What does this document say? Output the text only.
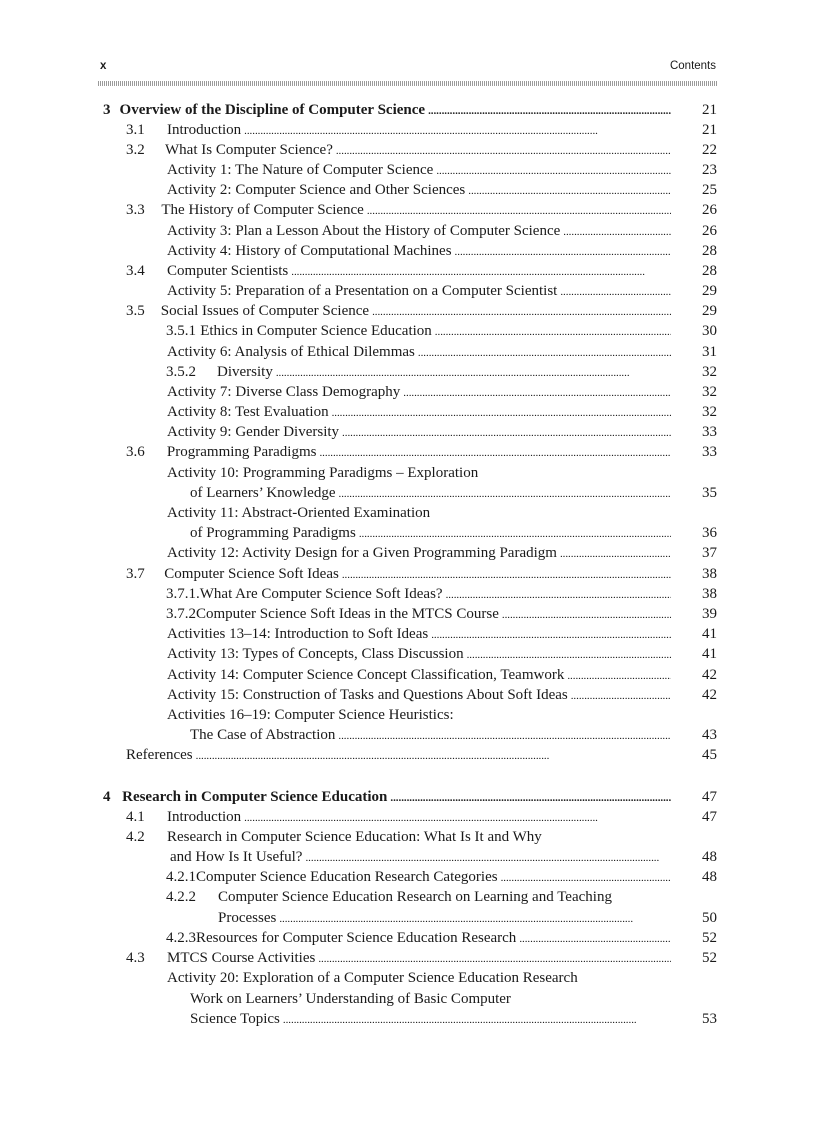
x	Contents
3 Overview of the Discipline of Computer Science . . .	21
3.1	Introduction . . .	21
3.2	What Is Computer Science? . . .	22
Activity 1: The Nature of Computer Science . . .	23
Activity 2: Computer Science and Other Sciences . . .	25
3.3	The History of Computer Science . . .	26
Activity 3: Plan a Lesson About the History of Computer Science . . .	26
Activity 4: History of Computational Machines . . .	28
3.4	Computer Scientists . . .	28
Activity 5: Preparation of a Presentation on a Computer Scientist . . .	29
3.5	Social Issues of Computer Science . . .	29
3.5.1 Ethics in Computer Science Education . . .	30
Activity 6: Analysis of Ethical Dilemmas . . .	31
3.5.2	Diversity . . .	32
Activity 7: Diverse Class Demography . . .	32
Activity 8: Test Evaluation . . .	32
Activity 9: Gender Diversity . . .	33
3.6	Programming Paradigms . . .	33
Activity 10: Programming Paradigms – Exploration
of Learners’ Knowledge . . .	35
Activity 11: Abstract-Oriented Examination
of Programming Paradigms . . .	36
Activity 12: Activity Design for a Given Programming Paradigm . . .	37
3.7	Computer Science Soft Ideas . . .	38
3.7.1. What Are Computer Science Soft Ideas? . . .	38
3.7.2 Computer Science Soft Ideas in the MTCS Course . . .	39
Activities 13–14: Introduction to Soft Ideas . . .	41
Activity 13: Types of Concepts, Class Discussion . . .	41
Activity 14: Computer Science Concept Classification, Teamwork . . .	42
Activity 15: Construction of Tasks and Questions About Soft Ideas . . .	42
Activities 16–19: Computer Science Heuristics:
The Case of Abstraction . . .	43
References . . .	45
4 Research in Computer Science Education . . .	47
4.1	Introduction . . .	47
4.2	Research in Computer Science Education: What Is It and Why
and How Is It Useful? . . .	48
4.2.1 Computer Science Education Research Categories . . .	48
4.2.2	Computer Science Education Research on Learning and Teaching
Processes . . .	50
4.2.3 Resources for Computer Science Education Research . . .	52
4.3	MTCS Course Activities . . .	52
Activity 20: Exploration of a Computer Science Education Research
Work on Learners’ Understanding of Basic Computer
Science Topics . . .	53
